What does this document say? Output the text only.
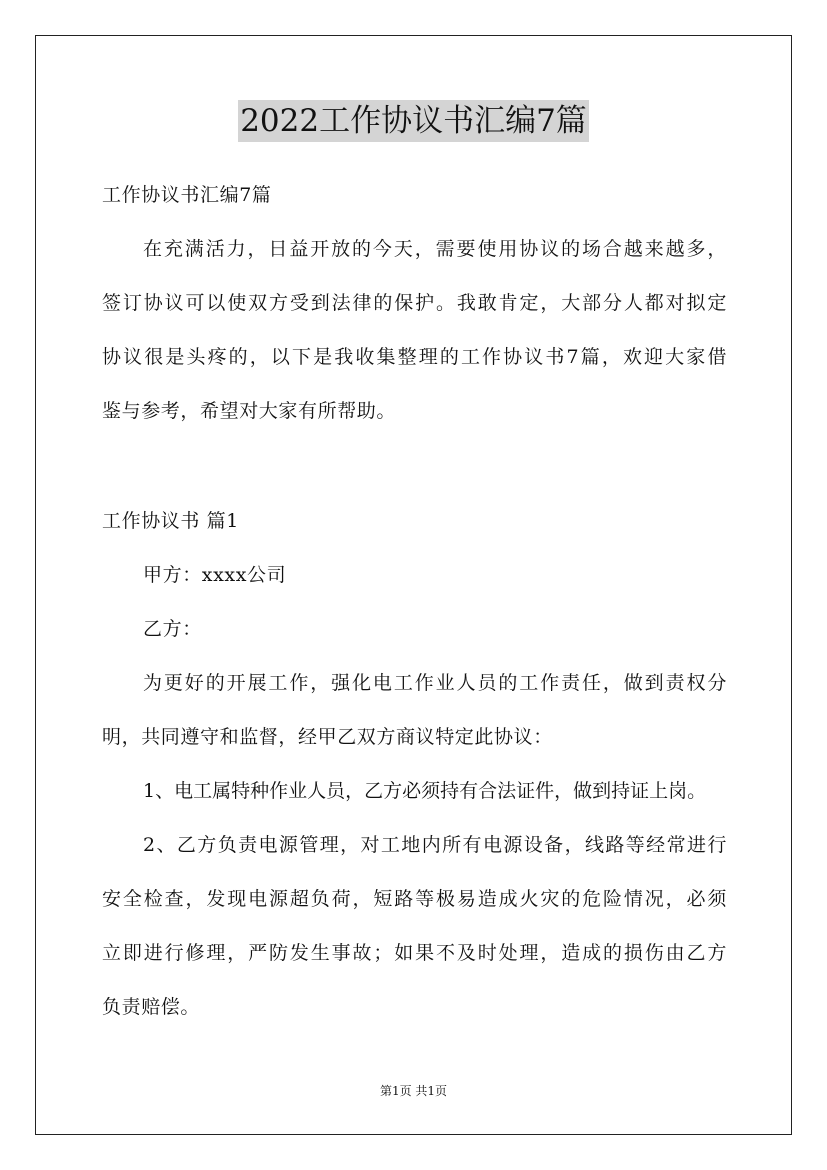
2022工作协议书汇编7篇
工作协议书汇编7篇
在充满活力，日益开放的今天，需要使用协议的场合越来越多，
签订协议可以使双方受到法律的保护。我敢肯定，大部分人都对拟定
协议很是头疼的，以下是我收集整理的工作协议书7篇，欢迎大家借
鉴与参考，希望对大家有所帮助。
工作协议书 篇1
甲方：xxxx公司
乙方：
为更好的开展工作，强化电工作业人员的工作责任，做到责权分
明，共同遵守和监督，经甲乙双方商议特定此协议：
1、电工属特种作业人员，乙方必须持有合法证件，做到持证上岗。
2、乙方负责电源管理，对工地内所有电源设备，线路等经常进行
安全检查，发现电源超负荷，短路等极易造成火灾的危险情况，必须
立即进行修理，严防发生事故；如果不及时处理，造成的损伤由乙方
负责赔偿。
第1页 共1页
